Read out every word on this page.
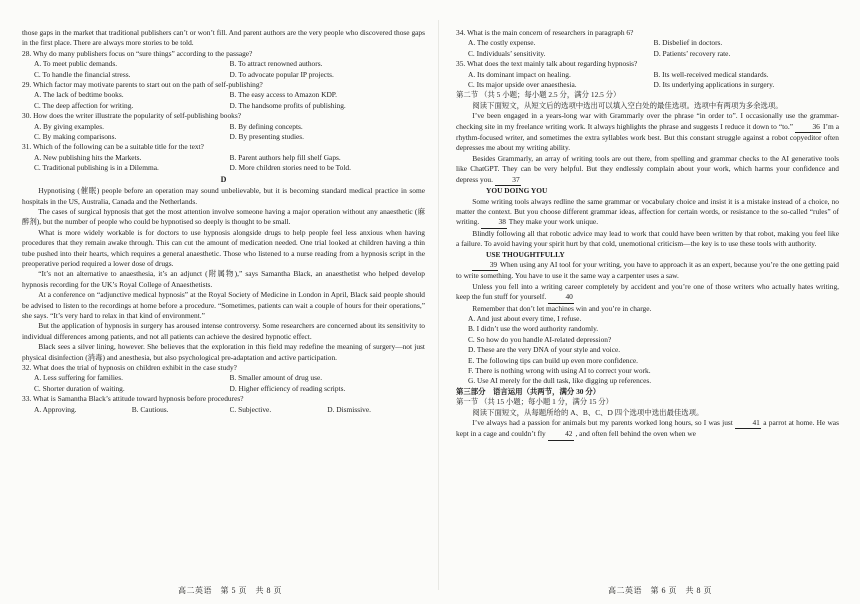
those gaps in the market that traditional publishers can’t or won’t fill. And parent authors are the very people who discovered those gaps in the first place. There are always more stories to be told.

28. Why do many publishers focus on “sure things” according to the passage?

A. To meet public demands.	B. To attract renowned authors.
C. To handle the financial stress.	D. To advocate popular IP projects.

29. Which factor may motivate parents to start out on the path of self-publishing?

A. The lack of bedtime books.	B. The easy access to Amazon KDP.
C. The deep affection for writing.	D. The handsome profits of publishing.

30. How does the writer illustrate the popularity of self-publishing books?

A. By giving examples.	B. By defining concepts.
C. By making comparisons.	D. By presenting studies.

31. Which of the following can be a suitable title for the text?

A. New publishing hits the Markets.	B. Parent authors help fill shelf Gaps.
C. Traditional publishing is in a Dilemma.	D. More children stories need to be Told.
D

Hypnotising (催眠) people before an operation may sound unbelievable, but it is becoming standard medical practice in some hospitals in the US, Australia, Canada and the Netherlands.

The cases of surgical hypnosis that get the most attention involve someone having a major operation without any anaesthetic (麻醉剂), but the number of people who could be hypnotised so deeply is thought to be small.

What is more widely workable is for doctors to use hypnosis alongside drugs to help people feel less anxious when having procedures that they remain awake through. This can cut the amount of medication needed. One trial looked at children having a thin tube pushed into their hearts, which requires a general anaesthetic. Those who listened to a nurse reading from a hypnosis script in the preoperative period required a lower dose of drugs.

“It’s not an alternative to anaesthesia, it’s an adjunct (附属物),” says Samantha Black, an anaesthetist who helped develop hypnosis recording for the UK’s Royal College of Anaesthetists.

At a conference on “adjunctive medical hypnosis” at the Royal Society of Medicine in London in April, Black said people should be advised to listen to the recordings at home before a procedure. “Sometimes, patients can wait a couple of hours for their operations,” she says. “It’s very hard to relax in that kind of environment.”

But the application of hypnosis in surgery has aroused intense controversy. Some researchers are concerned about its sensitivity to individual differences among patients, and not all patients can achieve the desired hypnotic effect.

Black sees a silver lining, however. She believes that the exploration in this field may redefine the meaning of surgery—not just physical disinfection (消毒) and anesthesia, but also psychological pre-adaptation and active participation.

32. What does the trial of hypnosis on children exhibit in the case study?

A. Less suffering for families.	B. Smaller amount of drug use.
C. Shorter duration of waiting.	D. Higher efficiency of reading scripts.

33. What is Samantha Black’s attitude toward hypnosis before procedures?

A. Approving.	B. Cautious.	C. Subjective.	D. Dismissive.

34. What is the main concern of researchers in paragraph 6?

A. The costly expense.	B. Disbelief in doctors.
C. Individuals’ sensitivity.	D. Patients’ recovery rate.

35. What does the text mainly talk about regarding hypnosis?

A. Its dominant impact on healing.	B. Its well-received medical standards.
C. Its major upside over anaesthesia.	D. Its underlying applications in surgery.

第二节 （共 5 小题；每小题 2.5 分，满分 12.5 分）

阅读下面短文，从短文后的选项中选出可以填入空白处的最佳选项。选项中有两项为多余选项。

I’ve been engaged in a years-long war with Grammarly over the phrase “in order to”. I occasionally use the grammar-checking site in my freelance writing work. It always highlights the phrase and suggests I reduce it down to “to.”	36 I’m a rhythm-focused writer, and sometimes the extra syllables work best. But this constant struggle against a robot copyeditor often depresses me about my writing ability.

Besides Grammarly, an array of writing tools are out there, from spelling and grammar checks to the AI generative tools like ChatGPT. They can be very helpful. But they endlessly complain about your work, which harms your confidence and depress you.	37

YOU DOING YOU

Some writing tools always redline the same grammar or vocabulary choice and insist it is a mistake instead of a choice, no matter the context. But you choose different grammar ideas, affection for certain words, or resistance to the so-called “rules” of writing.	38 They make your work unique.

Blindly following all that robotic advice may lead to work that could have been written by that robot, making you feel like a failure. To avoid having your spirit hurt by that cold, unemotional criticism—the key is to use these tools with authority.

USE THOUGHTFULLY

39 When using any AI tool for your writing, you have to approach it as an expert, because you’re the one getting paid to write something. You have to use it the same way a carpenter uses a saw.

Unless you fell into a writing career completely by accident and you’re one of those writers who actually hates writing, keep the fun stuff for yourself.	40

Remember that don’t let machines win and you’re in charge.

A. And just about every time, I refuse.

B. I didn’t use the word authority randomly.

C. So how do you handle AI-related depression?

D. These are the very DNA of your style and voice.

E. The following tips can build up even more confidence.

F. There is nothing wrong with using AI to correct your work.

G. Use AI merely for the dull task, like digging up references.

第三部分　语言运用（共两节，满分 30 分）

第一节 （共 15 小题；每小题 1 分，满分 15 分）

阅读下面短文，从每题所给的 A、B、C、D 四个选项中选出最佳选项。

I’ve always had a passion for animals but my parents worked long hours, so I was just	41 a parrot at home. He was kept in a cage and couldn’t fly	42 , and often fell behind the oven when we

高二英语　第 5 页　共 8 页	高二英语　第 6 页　共 8 页
